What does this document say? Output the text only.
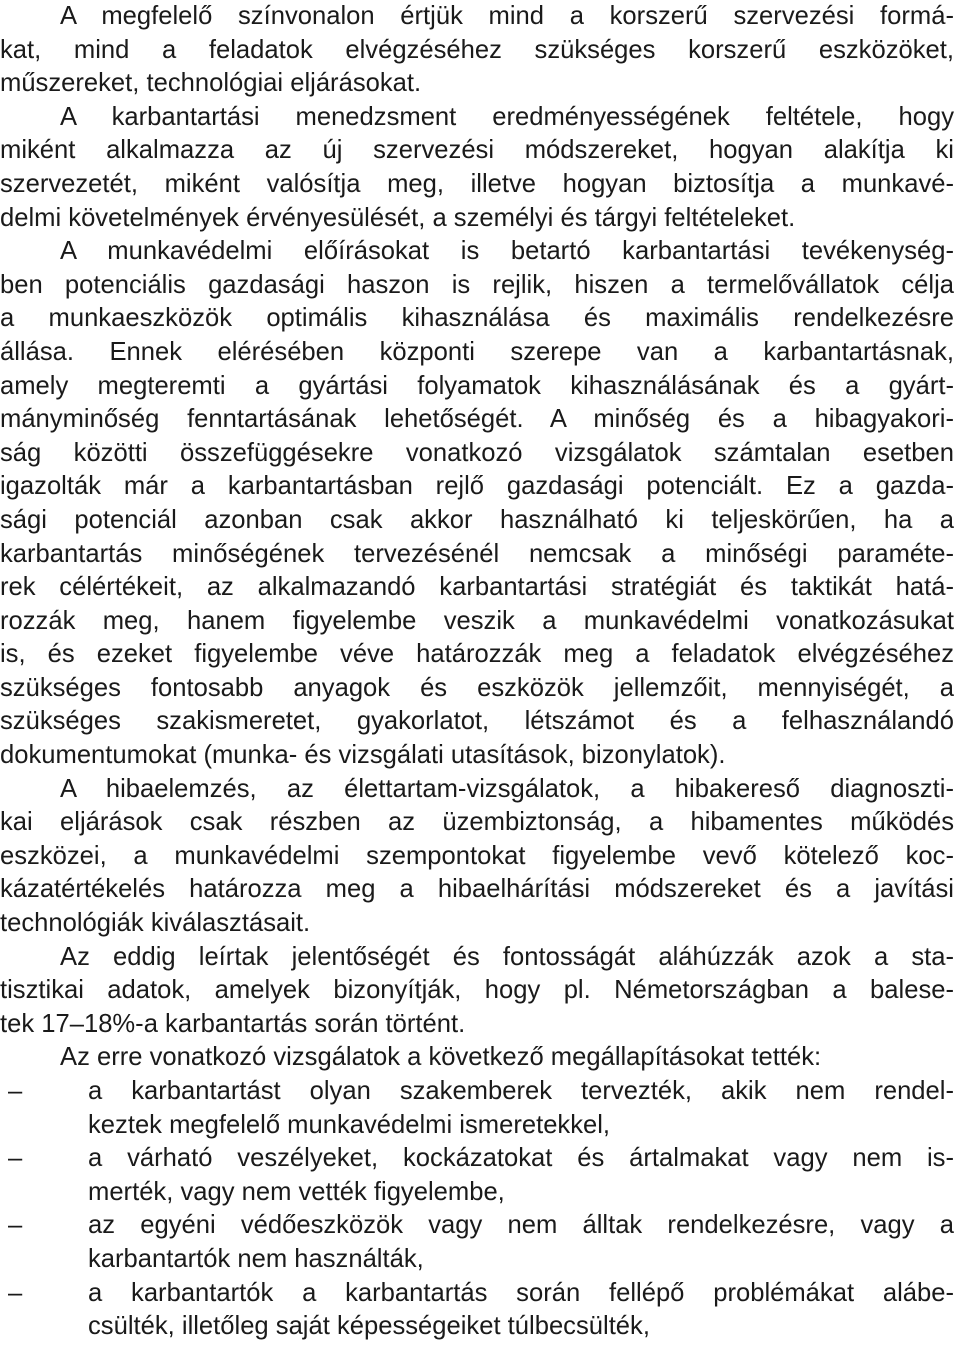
A megfelelő színvonalon értjük mind a korszerű szervezési formá-
kat, mind a feladatok elvégzéséhez szükséges korszerű eszközöket,
műszereket, technológiai eljárásokat.
A karbantartási menedzsment eredményességének feltétele, hogy
miként alkalmazza az új szervezési módszereket, hogyan alakítja ki
szervezetét, miként valósítja meg, illetve hogyan biztosítja a munkavé-
delmi követelmények érvényesülését, a személyi és tárgyi feltételeket.
A munkavédelmi előírásokat is betartó karbantartási tevékenység-
ben potenciális gazdasági haszon is rejlik, hiszen a termelővállatok célja
a munkaeszközök optimális kihasználása és maximális rendelkezésre
állása. Ennek elérésében központi szerepe van a karbantartásnak,
amely megteremti a gyártási folyamatok kihasználásának és a gyárt-
mányminőség fenntartásának lehetőségét. A minőség és a hibagyakori-
ság közötti összefüggésekre vonatkozó vizsgálatok számtalan esetben
igazolták már a karbantartásban rejlő gazdasági potenciált. Ez a gazda-
sági potenciál azonban csak akkor használható ki teljeskörűen, ha a
karbantartás minőségének tervezésénél nemcsak a minőségi paraméte-
rek célértékeit, az alkalmazandó karbantartási stratégiát és taktikát hatá-
rozzák meg, hanem figyelembe veszik a munkavédelmi vonatkozásukat
is, és ezeket figyelembe véve határozzák meg a feladatok elvégzéséhez
szükséges fontosabb anyagok és eszközök jellemzőit, mennyiségét, a
szükséges szakismeretet, gyakorlatot, létszámot és a felhasználandó
dokumentumokat (munka- és vizsgálati utasítások, bizonylatok).
A hibaelemzés, az élettartam-vizsgálatok, a hibakereső diagnoszti-
kai eljárások csak részben az üzembiztonság, a hibamentes működés
eszközei, a munkavédelmi szempontokat figyelembe vevő kötelező koc-
kázatértékelés határozza meg a hibaelhárítási módszereket és a javítási
technológiák kiválasztásait.
Az eddig leírtak jelentőségét és fontosságát aláhúzzák azok a sta-
tisztikai adatok, amelyek bizonyítják, hogy pl. Németországban a balese-
tek 17–18%-a karbantartás során történt.
Az erre vonatkozó vizsgálatok a következő megállapításokat tették:
–	a karbantartást olyan szakemberek tervezték, akik nem rendel-
keztek megfelelő munkavédelmi ismeretekkel,
–	a várható veszélyeket, kockázatokat és ártalmakat vagy nem is-
merték, vagy nem vették figyelembe,
–	az egyéni védőeszközök vagy nem álltak rendelkezésre, vagy a
karbantartók nem használták,
–	a karbantartók a karbantartás során fellépő problémákat alábe-
csülték, illetőleg saját képességeiket túlbecsülték,
